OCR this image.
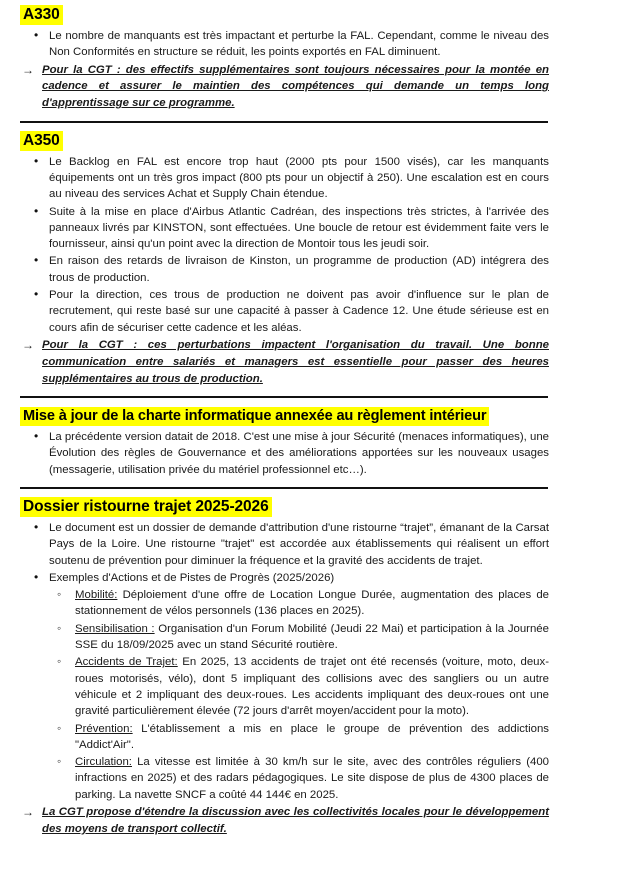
A330
• Le nombre de manquants est très impactant et perturbe la FAL. Cependant, comme le niveau des Non Conformités en structure se réduit, les points exportés en FAL diminuent.
→ Pour la CGT : des effectifs supplémentaires sont toujours nécessaires pour la montée en cadence et assurer le maintien des compétences qui demande un temps long d'apprentissage sur ce programme.
A350
• Le Backlog en FAL est encore trop haut (2000 pts pour 1500 visés), car les manquants équipements ont un très gros impact (800 pts pour un objectif à 250). Une escalation est en cours au niveau des services Achat et Supply Chain étendue.
• Suite à la mise en place d'Airbus Atlantic Cadréan, des inspections très strictes, à l'arrivée des panneaux livrés par KINSTON, sont effectuées. Une boucle de retour est évidemment faite vers le fournisseur, ainsi qu'un point avec la direction de Montoir tous les jeudi soir.
• En raison des retards de livraison de Kinston, un programme de production (AD) intégrera des trous de production.
• Pour la direction, ces trous de production ne doivent pas avoir d'influence sur le plan de recrutement, qui reste basé sur une capacité à passer à Cadence 12. Une étude sérieuse est en cours afin de sécuriser cette cadence et les aléas.
→ Pour la CGT : ces perturbations impactent l'organisation du travail. Une bonne communication entre salariés et managers est essentielle pour passer des heures supplémentaires au trous de production.
Mise à jour de la charte informatique annexée au règlement intérieur
• La précédente version datait de 2018. C'est une mise à jour Sécurité (menaces informatiques), une Évolution des règles de Gouvernance et des améliorations apportées sur les nouveaux usages (messagerie, utilisation privée du matériel professionnel etc…).
Dossier ristourne trajet 2025-2026
• Le document est un dossier de demande d'attribution d'une ristourne “trajet”, émanant de la Carsat Pays de la Loire. Une ristourne "trajet" est accordée aux établissements qui réalisent un effort soutenu de prévention pour diminuer la fréquence et la gravité des accidents de trajet.
• Exemples d'Actions et de Pistes de Progrès (2025/2026)
◦ Mobilité: Déploiement d'une offre de Location Longue Durée, augmentation des places de stationnement de vélos personnels (136 places en 2025).
◦ Sensibilisation : Organisation d'un Forum Mobilité (Jeudi 22 Mai) et participation à la Journée SSE du 18/09/2025 avec un stand Sécurité routière.
◦ Accidents de Trajet: En 2025, 13 accidents de trajet ont été recensés (voiture, moto, deux-roues motorisés, vélo), dont 5 impliquant des collisions avec des sangliers ou un autre véhicule et 2 impliquant des deux-roues. Les accidents impliquant des deux-roues ont une gravité particulièrement élevée (72 jours d'arrêt moyen/accident pour la moto).
◦ Prévention: L'établissement a mis en place le groupe de prévention des addictions "Addict'Air".
◦ Circulation: La vitesse est limitée à 30 km/h sur le site, avec des contrôles réguliers (400 infractions en 2025) et des radars pédagogiques. Le site dispose de plus de 4300 places de parking. La navette SNCF a coûté 44 144€ en 2025.
→ La CGT propose d'étendre la discussion avec les collectivités locales pour le développement des moyens de transport collectif.
